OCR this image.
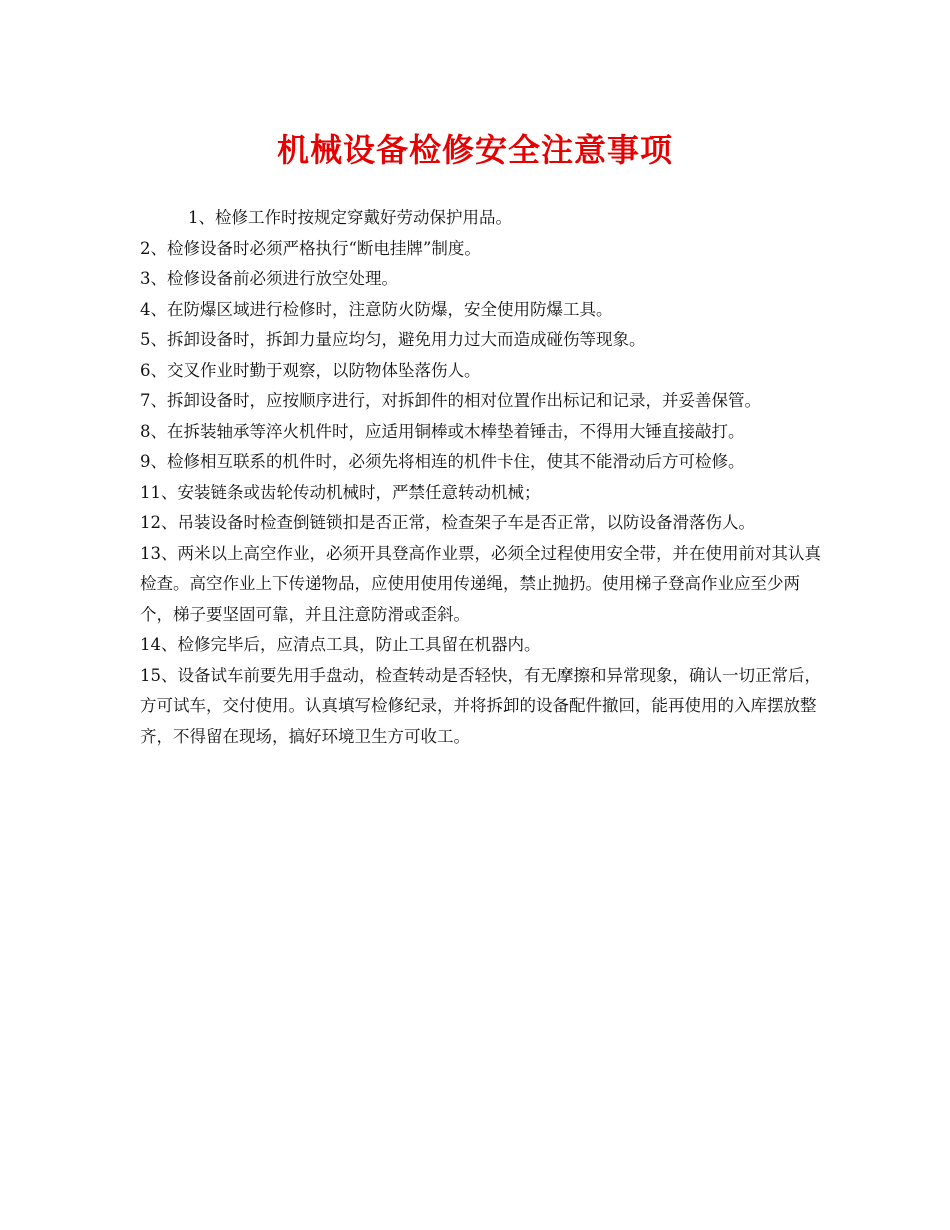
机械设备检修安全注意事项

1、检修工作时按规定穿戴好劳动保护用品。

2、检修设备时必须严格执行“断电挂牌”制度。

3、检修设备前必须进行放空处理。

4、在防爆区域进行检修时，注意防火防爆，安全使用防爆工具。

5、拆卸设备时，拆卸力量应均匀，避免用力过大而造成碰伤等现象。

6、交叉作业时勤于观察，以防物体坠落伤人。

7、拆卸设备时，应按顺序进行，对拆卸件的相对位置作出标记和记录，并妥善保管。

8、在拆装轴承等淬火机件时，应适用铜棒或木棒垫着锤击，不得用大锤直接敲打。

9、检修相互联系的机件时，必须先将相连的机件卡住，使其不能滑动后方可检修。

11、安装链条或齿轮传动机械时，严禁任意转动机械；

12、吊装设备时检查倒链锁扣是否正常，检查架子车是否正常，以防设备滑落伤人。

13、两米以上高空作业，必须开具登高作业票，必须全过程使用安全带，并在使用前对其认真检查。高空作业上下传递物品，应使用使用传递绳，禁止抛扔。使用梯子登高作业应至少两个，梯子要坚固可靠，并且注意防滑或歪斜。

14、检修完毕后，应清点工具，防止工具留在机器内。

15、设备试车前要先用手盘动，检查转动是否轻快，有无摩擦和异常现象，确认一切正常后，方可试车，交付使用。认真填写检修纪录，并将拆卸的设备配件撤回，能再使用的入库摆放整齐，不得留在现场，搞好环境卫生方可收工。
